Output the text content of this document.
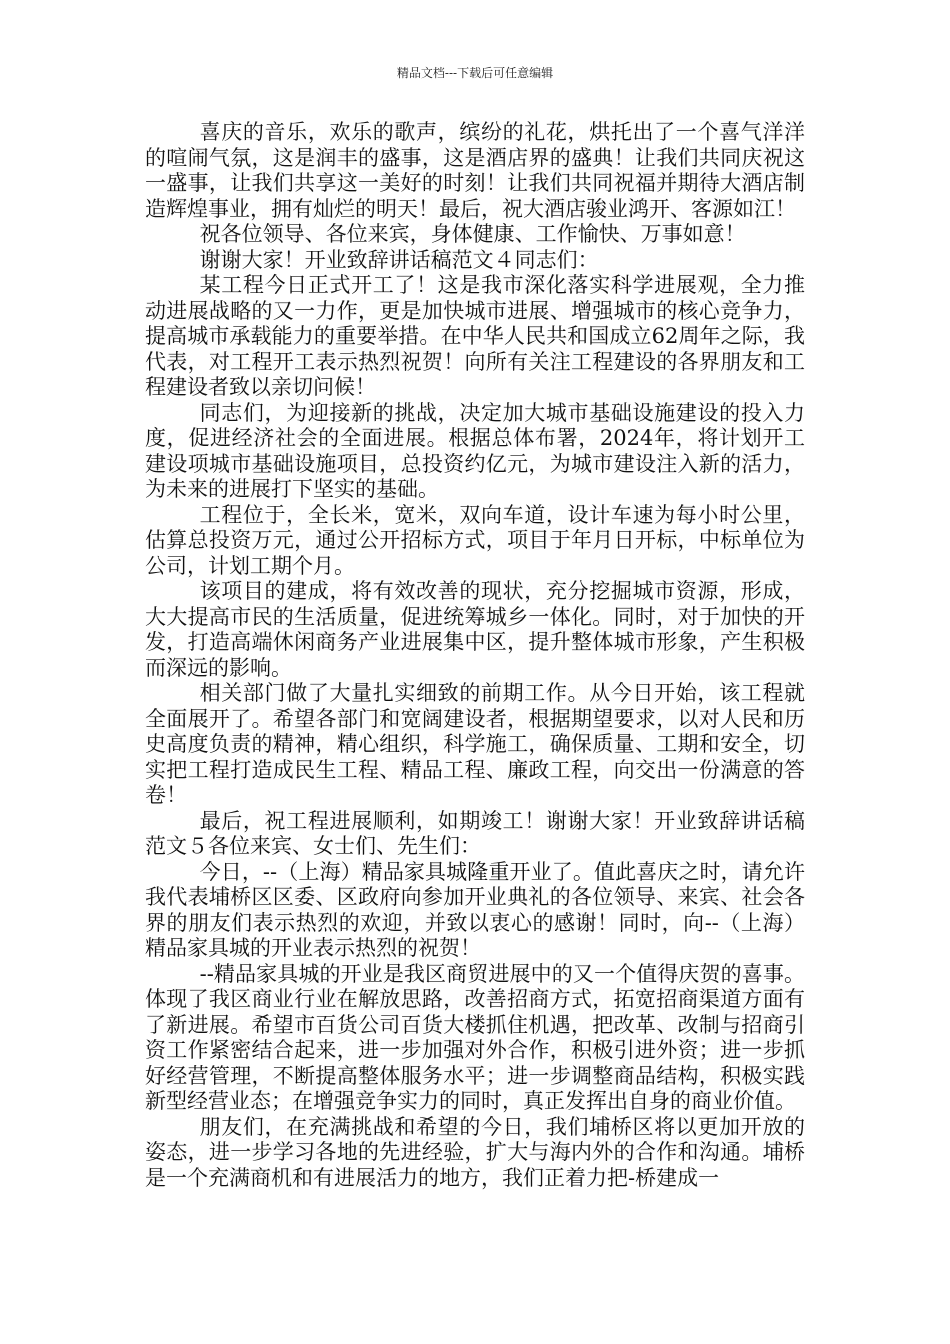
精品文档---下载后可任意编辑

喜庆的音乐，欢乐的歌声，缤纷的礼花，烘托出了一个喜气洋洋的喧闹气氛，这是润丰的盛事，这是酒店界的盛典！让我们共同庆祝这一盛事，让我们共享这一美好的时刻！让我们共同祝福并期待大酒店制造辉煌事业，拥有灿烂的明天！最后，祝大酒店骏业鸿开、客源如江！

祝各位领导、各位来宾，身体健康、工作愉快、万事如意！

谢谢大家！开业致辞讲话稿范文４同志们：

某工程今日正式开工了！这是我市深化落实科学进展观，全力推动进展战略的又一力作，更是加快城市进展、增强城市的核心竞争力，提高城市承载能力的重要举措。在中华人民共和国成立62周年之际，我代表，对工程开工表示热烈祝贺！向所有关注工程建设的各界朋友和工程建设者致以亲切问候！

同志们，为迎接新的挑战，决定加大城市基础设施建设的投入力度，促进经济社会的全面进展。根据总体布署，2024年，将计划开工建设项城市基础设施项目，总投资约亿元，为城市建设注入新的活力，为未来的进展打下坚实的基础。

工程位于，全长米，宽米，双向车道，设计车速为每小时公里，估算总投资万元，通过公开招标方式，项目于年月日开标，中标单位为公司，计划工期个月。

该项目的建成，将有效改善的现状，充分挖掘城市资源，形成，大大提高市民的生活质量，促进统筹城乡一体化。同时，对于加快的开发，打造高端休闲商务产业进展集中区，提升整体城市形象，产生积极而深远的影响。

相关部门做了大量扎实细致的前期工作。从今日开始，该工程就全面展开了。希望各部门和宽阔建设者，根据期望要求，以对人民和历史高度负责的精神，精心组织，科学施工，确保质量、工期和安全，切实把工程打造成民生工程、精品工程、廉政工程，向交出一份满意的答卷！

最后，祝工程进展顺利，如期竣工！谢谢大家！开业致辞讲话稿范文５各位来宾、女士们、先生们：

今日，--（上海）精品家具城隆重开业了。值此喜庆之时，请允许我代表埔桥区区委、区政府向参加开业典礼的各位领导、来宾、社会各界的朋友们表示热烈的欢迎，并致以衷心的感谢！同时，向--（上海）精品家具城的开业表示热烈的祝贺！

--精品家具城的开业是我区商贸进展中的又一个值得庆贺的喜事。体现了我区商业行业在解放思路，改善招商方式，拓宽招商渠道方面有了新进展。希望市百货公司百货大楼抓住机遇，把改革、改制与招商引资工作紧密结合起来，进一步加强对外合作，积极引进外资；进一步抓好经营管理，不断提高整体服务水平；进一步调整商品结构，积极实践新型经营业态；在增强竞争实力的同时，真正发挥出自身的商业价值。

朋友们，在充满挑战和希望的今日，我们埔桥区将以更加开放的姿态，进一步学习各地的先进经验，扩大与海内外的合作和沟通。埔桥是一个充满商机和有进展活力的地方，我们正着力把-桥建成一
